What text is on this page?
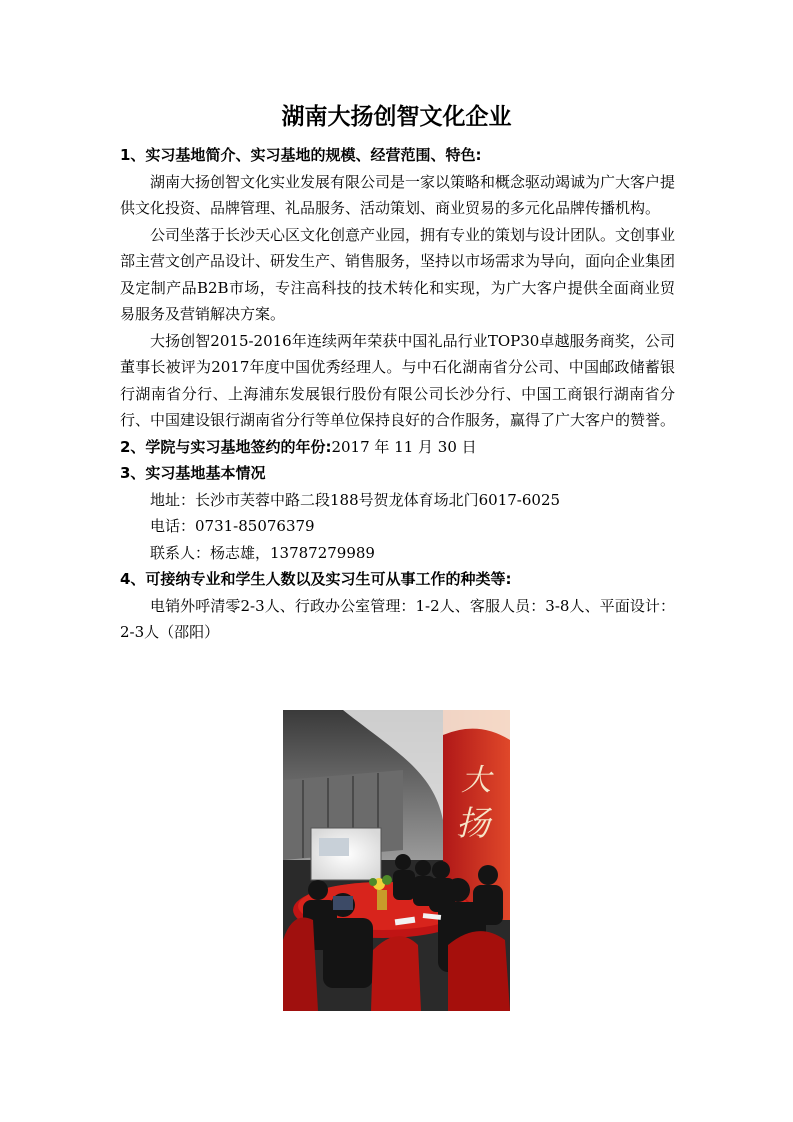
湖南大扬创智文化企业

1、实习基地简介、实习基地的规模、经营范围、特色:

湖南大扬创智文化实业发展有限公司是一家以策略和概念驱动竭诚为广大客户提供文化投资、品牌管理、礼品服务、活动策划、商业贸易的多元化品牌传播机构。

公司坐落于长沙天心区文化创意产业园，拥有专业的策划与设计团队。文创事业部主营文创产品设计、研发生产、销售服务，坚持以市场需求为导向，面向企业集团及定制产品B2B市场，专注高科技的技术转化和实现，为广大客户提供全面商业贸易服务及营销解决方案。

大扬创智2015-2016年连续两年荣获中国礼品行业TOP30卓越服务商奖，公司董事长被评为2017年度中国优秀经理人。与中石化湖南省分公司、中国邮政储蓄银行湖南省分行、上海浦东发展银行股份有限公司长沙分行、中国工商银行湖南省分行、中国建设银行湖南省分行等单位保持良好的合作服务，赢得了广大客户的赞誉。

2、学院与实习基地签约的年份:2017 年 11 月 30 日

3、实习基地基本情况

地址：长沙市芙蓉中路二段188号贺龙体育场北门6017-6025

电话：0731-85076379

联系人：杨志雄，13787279989

4、可接纳专业和学生人数以及实习生可从事工作的种类等:

电销外呼清零2-3人、行政办公室管理：1-2人、客服人员：3-8人、平面设计：2-3人（邵阳）

大
扬
